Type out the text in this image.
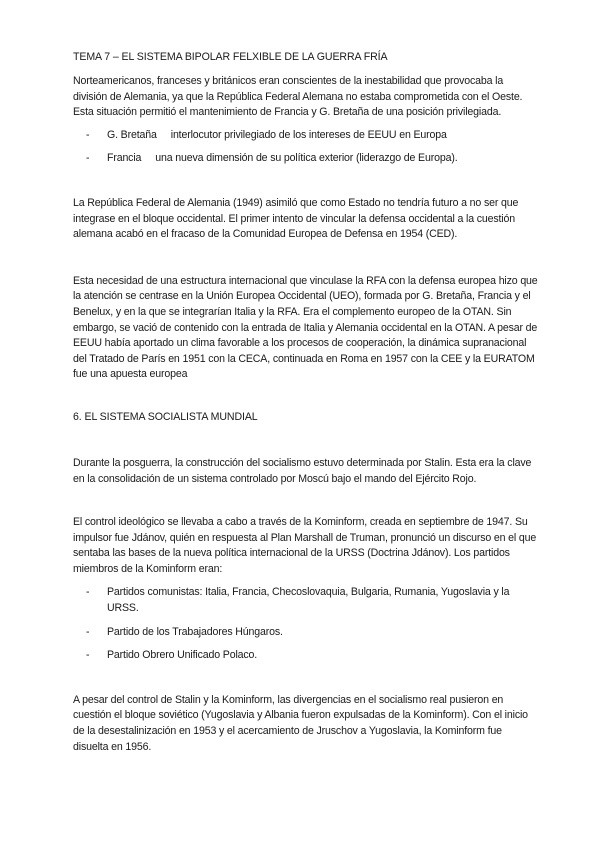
TEMA 7 – EL SISTEMA BIPOLAR FELXIBLE DE LA GUERRA FRÍA

Norteamericanos, franceses y británicos eran conscientes de la inestabilidad que provocaba la división de Alemania, ya que la República Federal Alemana no estaba comprometida con el Oeste. Esta situación permitió el mantenimiento de Francia y G. Bretaña de una posición privilegiada.

- G. Bretaña interlocutor privilegiado de los intereses de EEUU en Europa
- Francia una nueva dimensión de su política exterior (liderazgo de Europa).

La República Federal de Alemania (1949) asimiló que como Estado no tendría futuro a no ser que integrase en el bloque occidental. El primer intento de vincular la defensa occidental a la cuestión alemana acabó en el fracaso de la Comunidad Europea de Defensa en 1954 (CED).

Esta necesidad de una estructura internacional que vinculase la RFA con la defensa europea hizo que la atención se centrase en la Unión Europea Occidental (UEO), formada por G. Bretaña, Francia y el Benelux, y en la que se integrarían Italia y la RFA. Era el complemento europeo de la OTAN. Sin embargo, se vació de contenido con la entrada de Italia y Alemania occidental en la OTAN. A pesar de EEUU había aportado un clima favorable a los procesos de cooperación, la dinámica supranacional del Tratado de París en 1951 con la CECA, continuada en Roma en 1957 con la CEE y la EURATOM fue una apuesta europea

6. EL SISTEMA SOCIALISTA MUNDIAL

Durante la posguerra, la construcción del socialismo estuvo determinada por Stalin. Esta era la clave en la consolidación de un sistema controlado por Moscú bajo el mando del Ejército Rojo.

El control ideológico se llevaba a cabo a través de la Kominform, creada en septiembre de 1947. Su impulsor fue Jdánov, quién en respuesta al Plan Marshall de Truman, pronunció un discurso en el que sentaba las bases de la nueva política internacional de la URSS (Doctrina Jdánov). Los partidos miembros de la Kominform eran:

- Partidos comunistas: Italia, Francia, Checoslovaquia, Bulgaria, Rumania, Yugoslavia y la URSS.
- Partido de los Trabajadores Húngaros.
- Partido Obrero Unificado Polaco.

A pesar del control de Stalin y la Kominform, las divergencias en el socialismo real pusieron en cuestión el bloque soviético (Yugoslavia y Albania fueron expulsadas de la Kominform). Con el inicio de la desestalinización en 1953 y el acercamiento de Jruschov a Yugoslavia, la Kominform fue disuelta en 1956.
